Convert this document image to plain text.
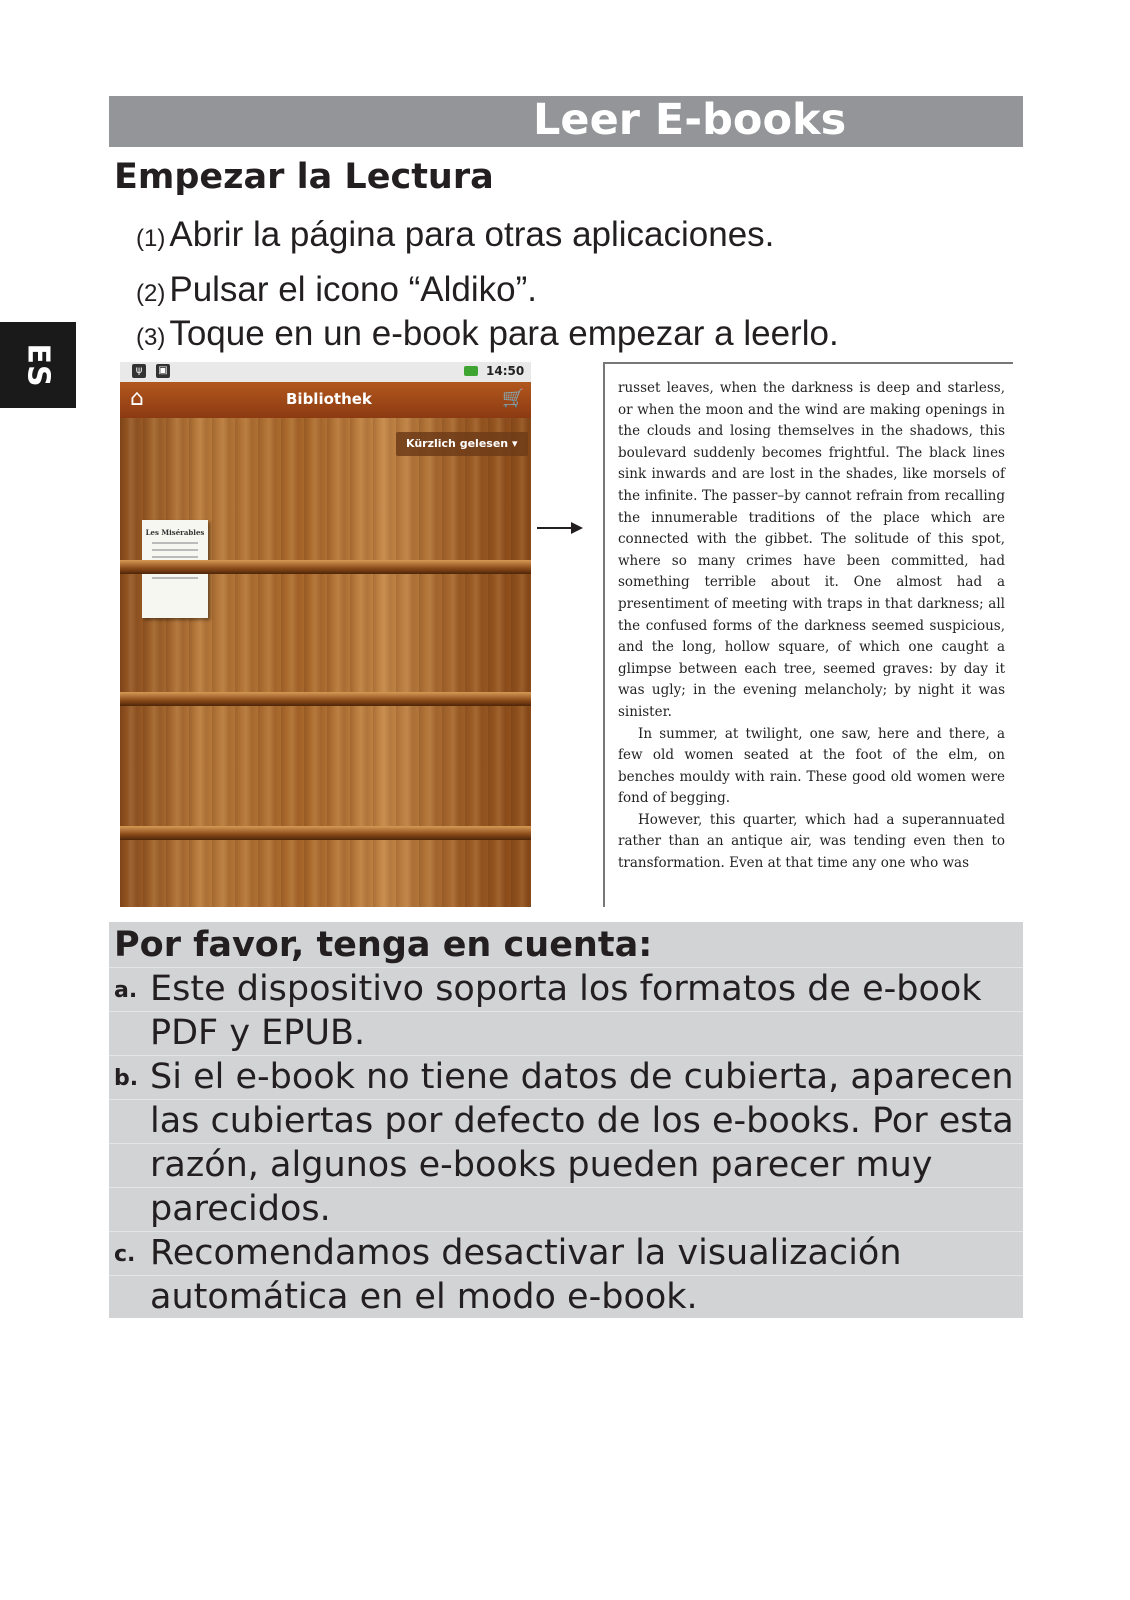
ES
Leer E-books
Empezar la Lectura
(1) Abrir la página para otras aplicaciones.
(2) Pulsar el icono “Aldiko”.
(3) Toque en un e-book para empezar a leerlo.
ψ	▣	14:50
⌂	Bibliothek	🛒
Kürzlich gelesen ▾
Les Misérables

russet leaves, when the darkness is deep and starless, or when the moon and the wind are making openings in the clouds and losing themselves in the shadows, this boulevard suddenly becomes frightful. The black lines sink inwards and are lost in the shades, like morsels of the infinite. The passer–by cannot refrain from recalling the innumerable traditions of the place which are connected with the gibbet. The solitude of this spot, where so many crimes have been committed, had something terrible about it. One almost had a presentiment of meeting with traps in that darkness; all the confused forms of the darkness seemed suspicious, and the long, hollow square, of which one caught a glimpse between each tree, seemed graves: by day it was ugly; in the evening melancholy; by night it was sinister.

In summer, at twilight, one saw, here and there, a few old women seated at the foot of the elm, on benches mouldy with rain. These good old women were fond of begging.

However, this quarter, which had a superannuated rather than an antique air, was tending even then to transformation. Even at that time any one who was

Por favor, tenga en cuenta:
a. Este dispositivo soporta los formatos de e-book

PDF y EPUB.

b. Si el e-book no tiene datos de cubierta, aparecen

las cubiertas por defecto de los e-books. Por esta

razón, algunos e-books pueden parecer muy

parecidos.

c. Recomendamos desactivar la visualización

automática en el modo e-book.
